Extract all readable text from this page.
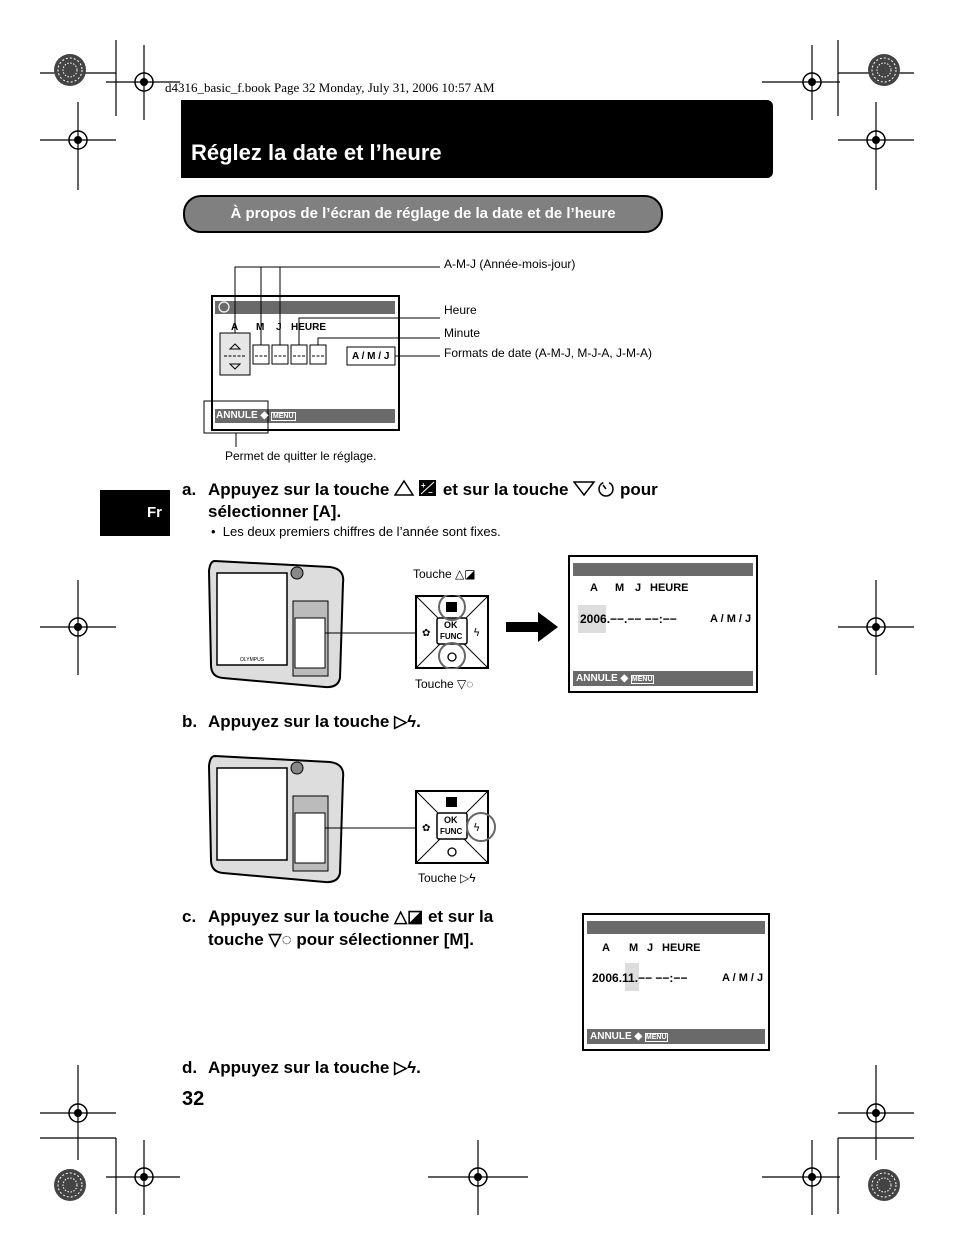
d4316_basic_f.book Page 32 Monday, July 31, 2006 10:57 AM
Réglez la date et l’heure
À propos de l’écran de réglage de la date et de l’heure
A M J HEURE
A / M / J
ANNULE ◆ MENU
A-M-J (Année-mois-jour)
Heure
Minute
Formats de date (A-M-J, M-J-A, J-M-A)
Permet de quitter le réglage.
Fr
a. Appuyez sur la touche	+
− et sur la touche	pour
sélectionner [A].
•  Les deux premiers chiffres de l’année sont fixes.
OLYMPUS
Touche △◪
OK
FUNC
✿	ϟ
Touche ▽◌
A M J HEURE
2006.−−.−− −−:−−	A / M / J
ANNULE ◆ MENU
b. Appuyez sur la touche ▷ϟ.
OK
FUNC
✿	ϟ
Touche ▷ϟ
c. Appuyez sur la touche △◪ et sur la
touche ▽◌ pour sélectionner [M].	A M J HEURE
2006.11.−− −−:−−	A / M / J
ANNULE ◆ MENU
d. Appuyez sur la touche ▷ϟ.
32
